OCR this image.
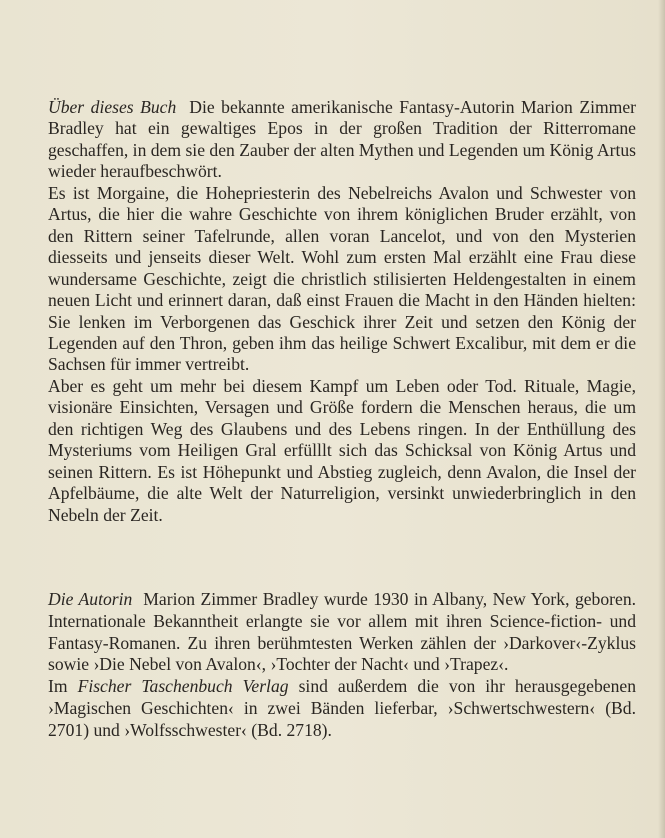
Über dieses Buch Die bekannte amerikanische Fantasy-Autorin Marion Zimmer Bradley hat ein gewaltiges Epos in der großen Tradition der Ritterromane geschaffen, in dem sie den Zauber der alten Mythen und Legenden um König Artus wieder heraufbeschwört.

Es ist Morgaine, die Hohepriesterin des Nebelreichs Avalon und Schwester von Artus, die hier die wahre Geschichte von ihrem königlichen Bruder erzählt, von den Rittern seiner Tafelrunde, allen voran Lancelot, und von den Mysterien diesseits und jenseits dieser Welt. Wohl zum ersten Mal erzählt eine Frau diese wundersame Geschichte, zeigt die christlich stilisierten Heldengestalten in einem neuen Licht und erinnert daran, daß einst Frauen die Macht in den Händen hielten: Sie lenken im Verborgenen das Geschick ihrer Zeit und setzen den König der Legenden auf den Thron, geben ihm das heilige Schwert Excalibur, mit dem er die Sachsen für immer vertreibt.

Aber es geht um mehr bei diesem Kampf um Leben oder Tod. Rituale, Magie, visionäre Einsichten, Versagen und Größe fordern die Menschen heraus, die um den richtigen Weg des Glaubens und des Lebens ringen. In der Enthüllung des Mysteriums vom Heiligen Gral erfülllt sich das Schicksal von König Artus und seinen Rittern. Es ist Höhepunkt und Abstieg zugleich, denn Avalon, die Insel der Apfelbäume, die alte Welt der Naturreligion, versinkt unwiederbringlich in den Nebeln der Zeit.

Die Autorin Marion Zimmer Bradley wurde 1930 in Albany, New York, geboren. Internationale Bekanntheit erlangte sie vor allem mit ihren Science-fiction- und Fantasy-Romanen. Zu ihren berühmtesten Werken zählen der ›Darkover‹-Zyklus sowie ›Die Nebel von Avalon‹, ›Tochter der Nacht‹ und ›Trapez‹.

Im Fischer Taschenbuch Verlag sind außerdem die von ihr herausgegebenen ›Magischen Geschichten‹ in zwei Bänden lieferbar, ›Schwertschwestern‹ (Bd. 2701) und ›Wolfsschwester‹ (Bd. 2718).
